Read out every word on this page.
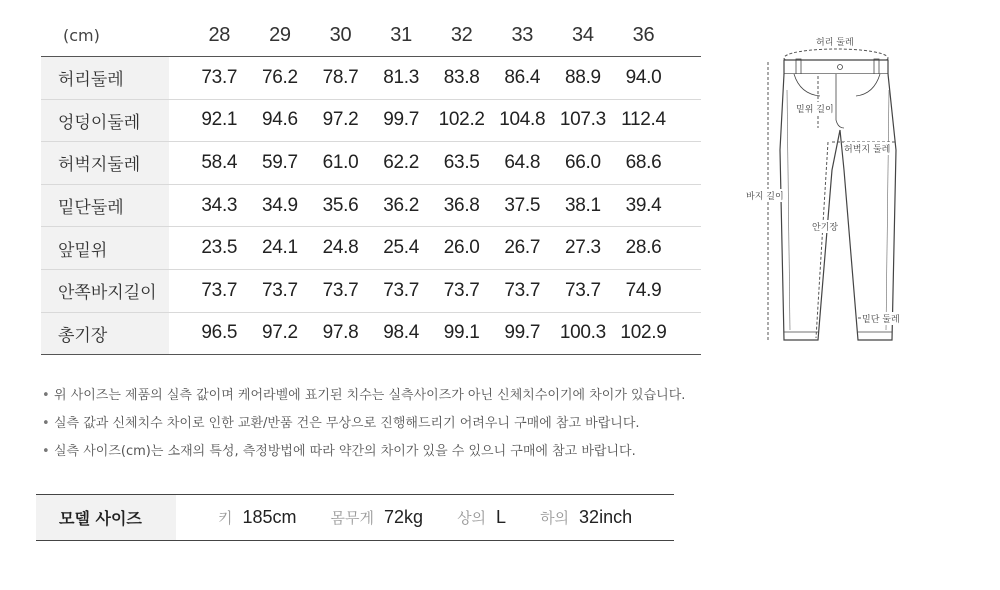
(cm)	28	29	30	31	32	33	34	36
허리둘레	73.7	76.2	78.7	81.3	83.8	86.4	88.9	94.0
엉덩이둘레	92.1	94.6	97.2	99.7	102.2 104.8 107.3 112.4
허벅지둘레	58.4	59.7	61.0	62.2	63.5	64.8	66.0	68.6
밑단둘레	34.3	34.9	35.6	36.2	36.8	37.5	38.1	39.4
앞밑위	23.5	24.1	24.8	25.4	26.0	26.7	27.3	28.6
안쪽바지길이	73.7	73.7	73.7	73.7	73.7	73.7	73.7	74.9
총기장	96.5	97.2	97.8	98.4	99.1	99.7	100.3 102.9
허리 둘레
밑위 길이
허벅지 둘레
바지 길이
안기장
밑단 둘레
• 위 사이즈는 제품의 실측 값이며 케어라벨에 표기된 치수는 실측사이즈가 아닌 신체치수이기에 차이가 있습니다.
• 실측 값과 신체치수 차이로 인한 교환/반품 건은 무상으로 진행해드리기 어려우니 구매에 참고 바랍니다.
• 실측 사이즈(cm)는 소재의 특성, 측정방법에 따라 약간의 차이가 있을 수 있으니 구매에 참고 바랍니다.
모델 사이즈	키 185cm 몸무게 72kg 상의 L 하의 32inch
